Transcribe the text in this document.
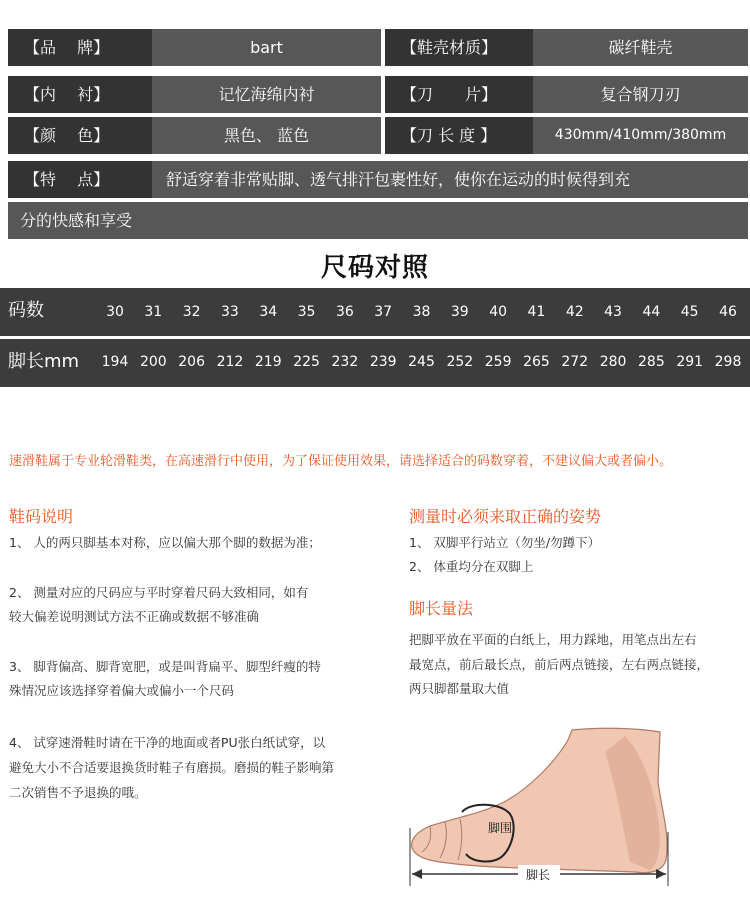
【品　 牌】	bart	【鞋壳材质】	碳纤鞋壳
【内　 衬】	记忆海绵内衬	【刀　　片】	复合钢刀刃
【颜　 色】	黑色、 蓝色	【刀 长 度 】	430mm/410mm/380mm
【特　 点】	舒适穿着非常贴脚、透气排汗包裹性好，使你在运动的时候得到充
分的快感和享受
尺码对照
码数	30	31	32	33	34	35	36	37	38	39	40	41	42	43	44	45	46
脚长mm	194 200 206 212 219 225 232 239 245 252 259 265 272 280 285 291 298
速滑鞋属于专业轮滑鞋类，在高速滑行中使用，为了保证使用效果，请选择适合的码数穿着，不建议偏大或者偏小。
鞋码说明
1、 人的两只脚基本对称，应以偏大那个脚的数据为准；
2、 测量对应的尺码应与平时穿着尺码大致相同，如有
较大偏差说明测试方法不正确或数据不够准确
3、 脚背偏高、脚背宽肥，或是叫背扁平、脚型纤瘦的特
殊情况应该选择穿着偏大或偏小一个尺码
4、 试穿速滑鞋时请在干净的地面或者PU张白纸试穿，以
避免大小不合适要退换货时鞋子有磨损。磨损的鞋子影响第
二次销售不予退换的哦。
测量时必须来取正确的姿势
1、 双脚平行站立（勿坐/勿蹲下）
2、 体重均分在双脚上
脚长量法
把脚平放在平面的白纸上，用力踩地，用笔点出左右
最宽点，前后最长点，前后两点链接，左右两点链接，
两只脚都量取大值
脚围
脚长
